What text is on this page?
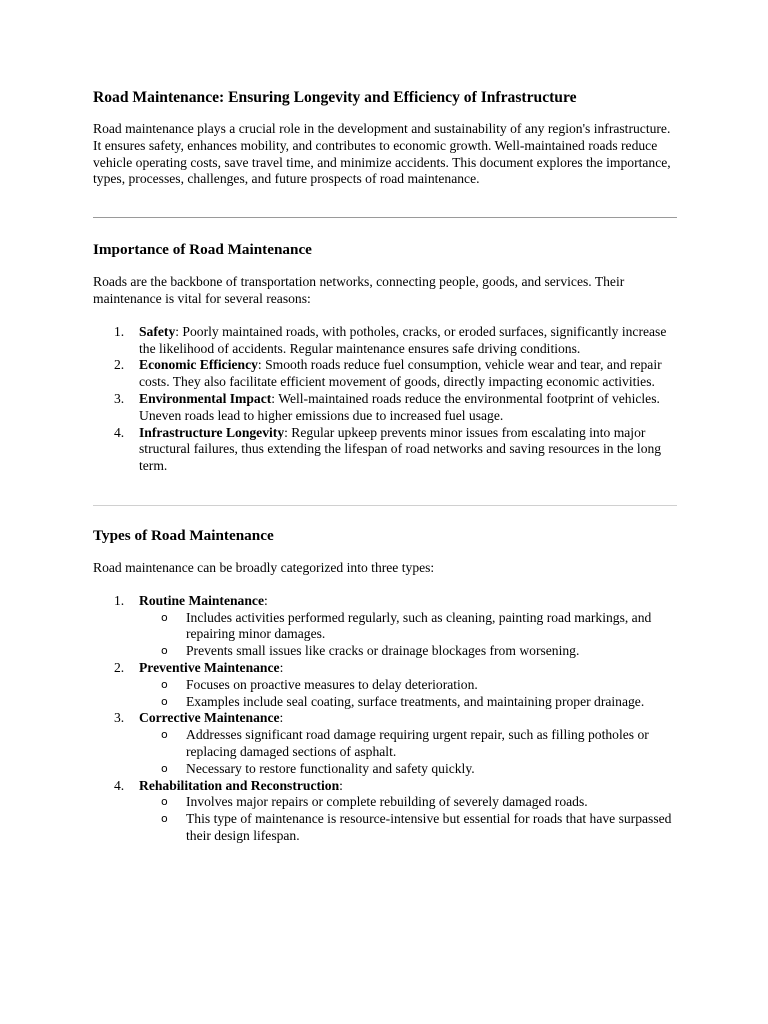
Road Maintenance: Ensuring Longevity and Efficiency of Infrastructure

Road maintenance plays a crucial role in the development and sustainability of any region's infrastructure. It ensures safety, enhances mobility, and contributes to economic growth. Well-maintained roads reduce vehicle operating costs, save travel time, and minimize accidents. This document explores the importance, types, processes, challenges, and future prospects of road maintenance.

Importance of Road Maintenance

Roads are the backbone of transportation networks, connecting people, goods, and services. Their maintenance is vital for several reasons:

1. Safety: Poorly maintained roads, with potholes, cracks, or eroded surfaces, significantly increase the likelihood of accidents. Regular maintenance ensures safe driving conditions.
2. Economic Efficiency: Smooth roads reduce fuel consumption, vehicle wear and tear, and repair costs. They also facilitate efficient movement of goods, directly impacting economic activities.
3. Environmental Impact: Well-maintained roads reduce the environmental footprint of vehicles. Uneven roads lead to higher emissions due to increased fuel usage.
4. Infrastructure Longevity: Regular upkeep prevents minor issues from escalating into major structural failures, thus extending the lifespan of road networks and saving resources in the long term.
Types of Road Maintenance

Road maintenance can be broadly categorized into three types:

1. Routine Maintenance:
o Includes activities performed regularly, such as cleaning, painting road markings, and repairing minor damages.
o Prevents small issues like cracks or drainage blockages from worsening.
2. Preventive Maintenance:
o Focuses on proactive measures to delay deterioration.
o Examples include seal coating, surface treatments, and maintaining proper drainage.
3. Corrective Maintenance:
o Addresses significant road damage requiring urgent repair, such as filling potholes or replacing damaged sections of asphalt.
o Necessary to restore functionality and safety quickly.
4. Rehabilitation and Reconstruction:
o Involves major repairs or complete rebuilding of severely damaged roads.
o This type of maintenance is resource-intensive but essential for roads that have surpassed their design lifespan.
